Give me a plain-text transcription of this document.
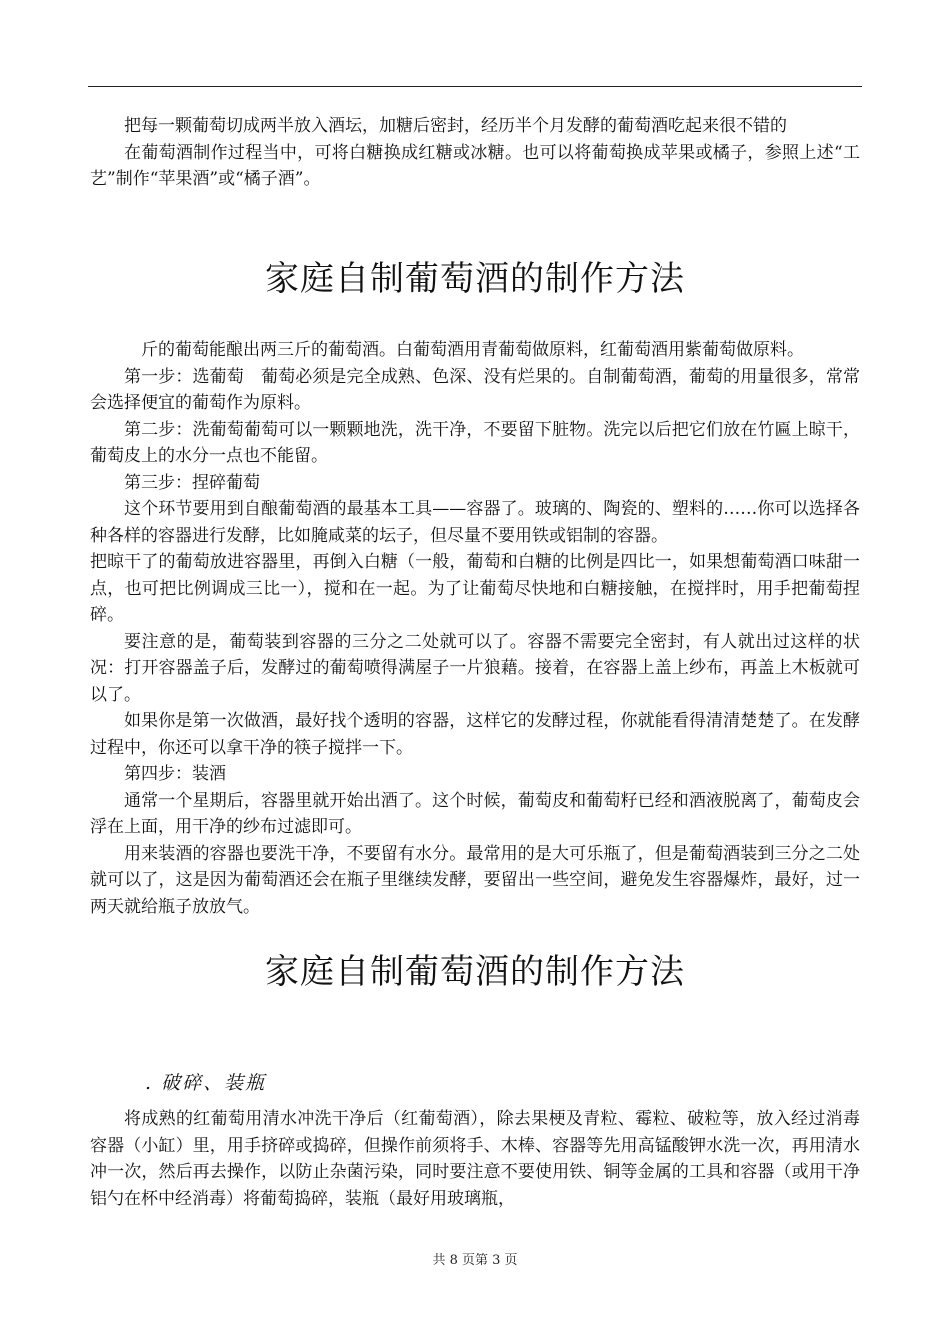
把每一颗葡萄切成两半放入酒坛，加糖后密封，经历半个月发酵的葡萄酒吃起来很不错的

在葡萄酒制作过程当中，可将白糖换成红糖或冰糖。也可以将葡萄换成苹果或橘子，参照上述“工艺”制作“苹果酒”或“橘子酒”。

家庭自制葡萄酒的制作方法

斤的葡萄能酿出两三斤的葡萄酒。白葡萄酒用青葡萄做原料，红葡萄酒用紫葡萄做原料。

第一步：选葡萄　葡萄必须是完全成熟、色深、没有烂果的。自制葡萄酒，葡萄的用量很多，常常会选择便宜的葡萄作为原料。

第二步：洗葡萄葡萄可以一颗颗地洗，洗干净，不要留下脏物。洗完以后把它们放在竹匾上晾干，葡萄皮上的水分一点也不能留。

第三步：捏碎葡萄

这个环节要用到自酿葡萄酒的最基本工具——容器了。玻璃的、陶瓷的、塑料的……你可以选择各种各样的容器进行发酵，比如腌咸菜的坛子，但尽量不要用铁或铝制的容器。

把晾干了的葡萄放进容器里，再倒入白糖（一般，葡萄和白糖的比例是四比一，如果想葡萄酒口味甜一点，也可把比例调成三比一），搅和在一起。为了让葡萄尽快地和白糖接触，在搅拌时，用手把葡萄捏碎。

要注意的是，葡萄装到容器的三分之二处就可以了。容器不需要完全密封，有人就出过这样的状况：打开容器盖子后，发酵过的葡萄喷得满屋子一片狼藉。接着，在容器上盖上纱布，再盖上木板就可以了。

如果你是第一次做酒，最好找个透明的容器，这样它的发酵过程，你就能看得清清楚楚了。在发酵过程中，你还可以拿干净的筷子搅拌一下。

第四步：装酒

通常一个星期后，容器里就开始出酒了。这个时候，葡萄皮和葡萄籽已经和酒液脱离了，葡萄皮会浮在上面，用干净的纱布过滤即可。

用来装酒的容器也要洗干净，不要留有水分。最常用的是大可乐瓶了，但是葡萄酒装到三分之二处就可以了，这是因为葡萄酒还会在瓶子里继续发酵，要留出一些空间，避免发生容器爆炸，最好，过一两天就给瓶子放放气。

家庭自制葡萄酒的制作方法
. 破碎、装瓶

将成熟的红葡萄用清水冲洗干净后（红葡萄酒），除去果梗及青粒、霉粒、破粒等，放入经过消毒容器（小缸）里，用手挤碎或捣碎，但操作前须将手、木棒、容器等先用高锰酸钾水洗一次，再用清水冲一次，然后再去操作，以防止杂菌污染，同时要注意不要使用铁、铜等金属的工具和容器（或用干净铝勺在杯中经消毒）将葡萄捣碎，装瓶（最好用玻璃瓶，

共 8 页第 3 页
